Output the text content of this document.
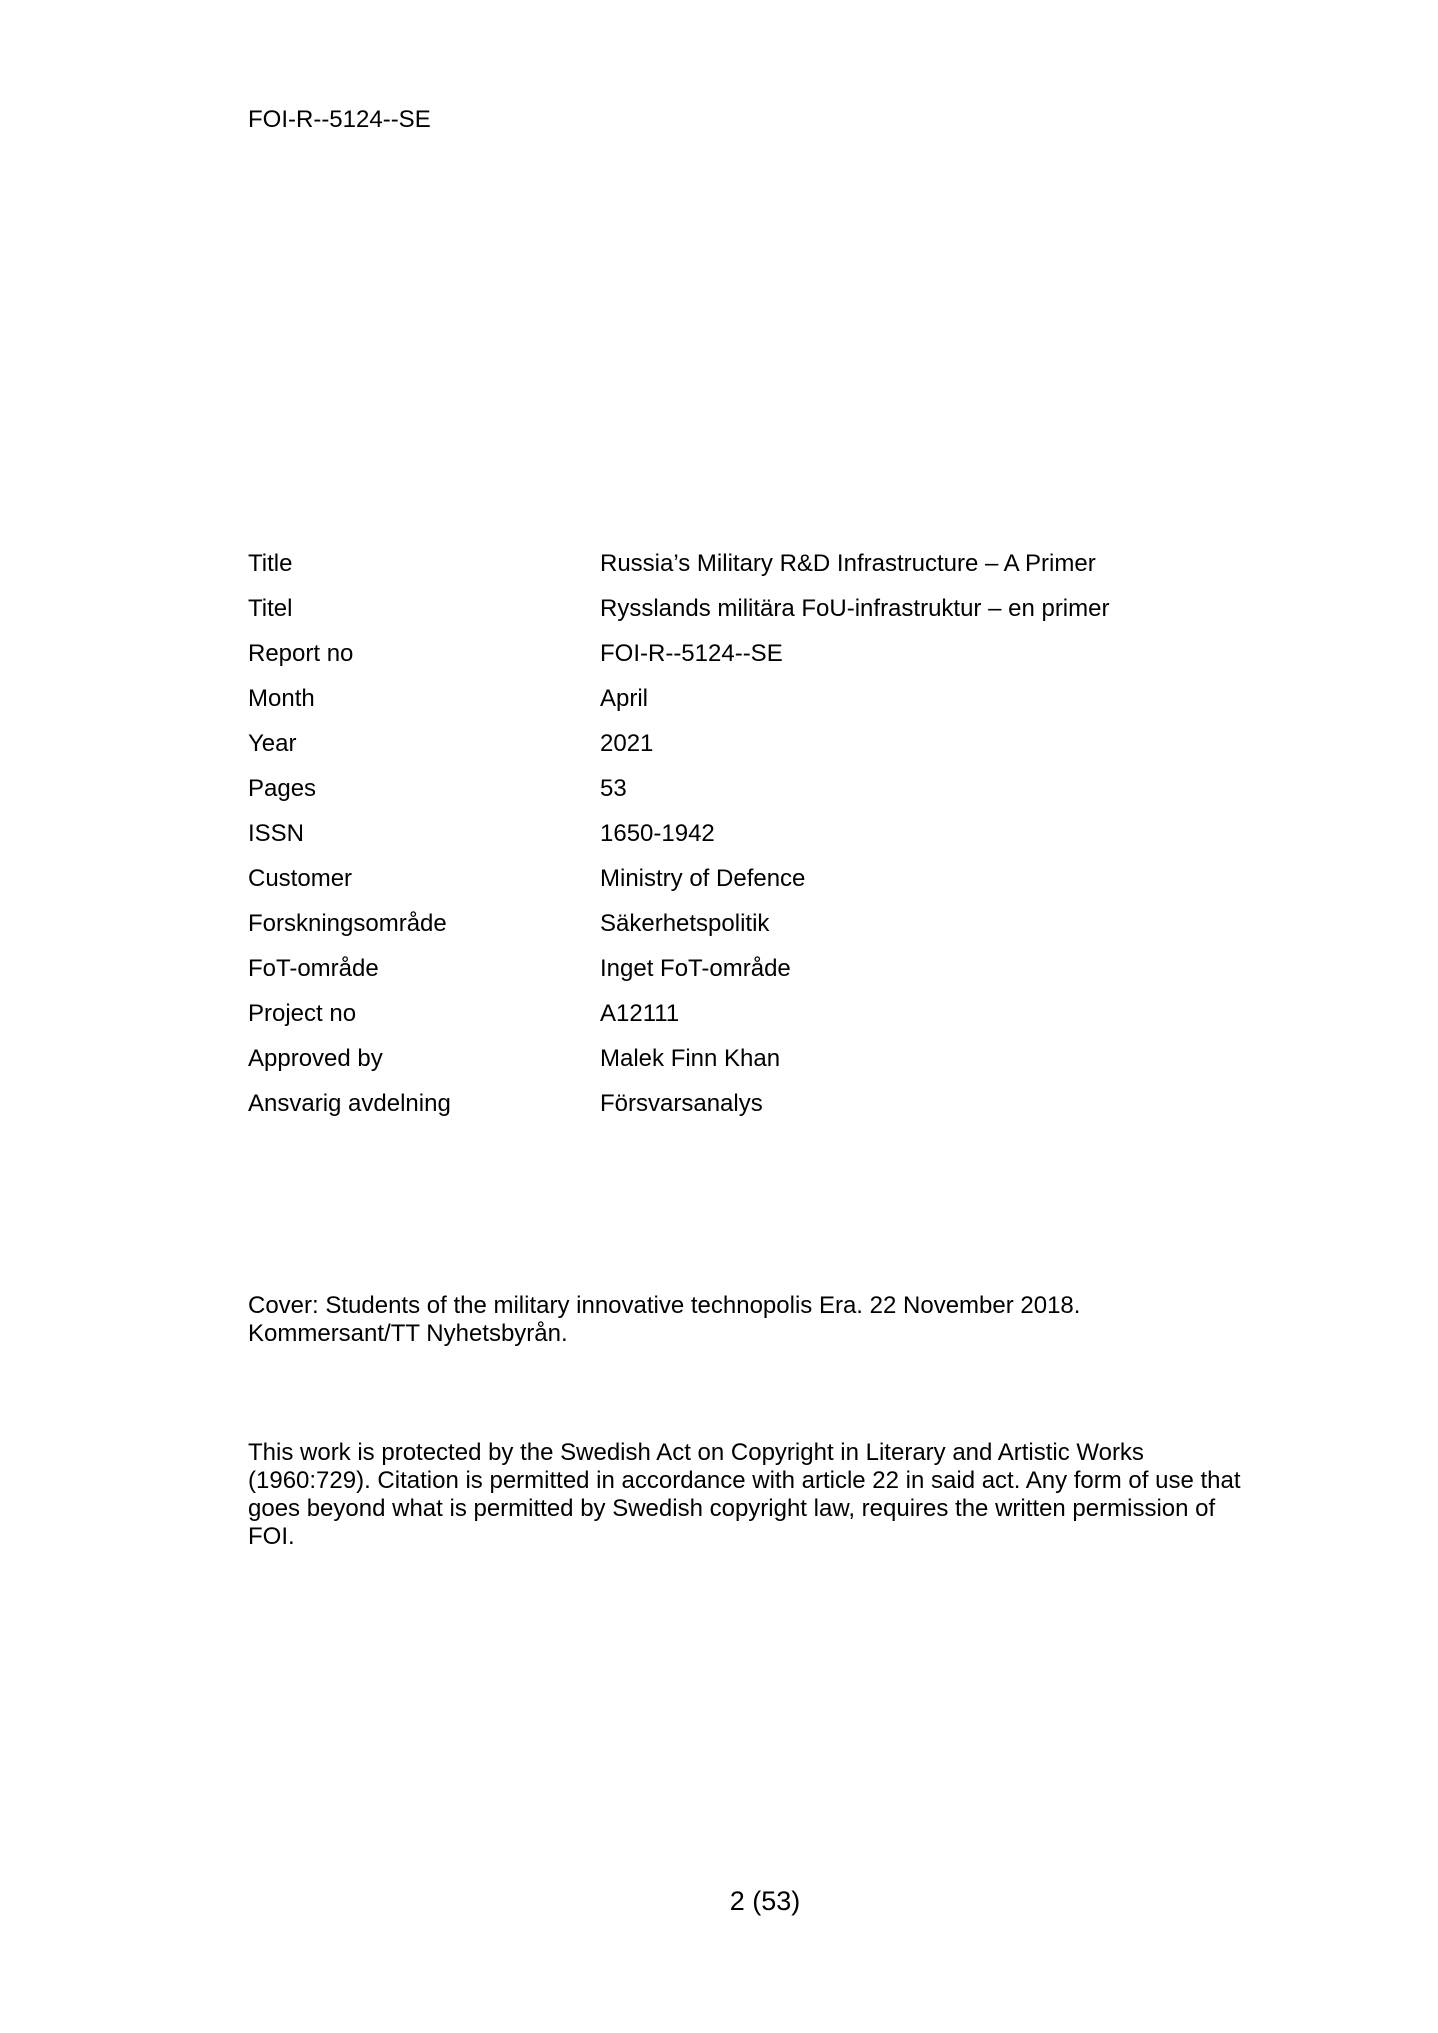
FOI-R--5124--SE

Title	Russia’s Military R&D Infrastructure – A Primer
Titel	Rysslands militära FoU-infrastruktur – en primer
Report no	FOI-R--5124--SE
Month	April
Year	2021
Pages	53
ISSN	1650-1942
Customer	Ministry of Defence
Forskningsområde	Säkerhetspolitik
FoT-område	Inget FoT-område
Project no	A12111
Approved by	Malek Finn Khan
Ansvarig avdelning	Försvarsanalys

Cover: Students of the military innovative technopolis Era. 22 November 2018.
Kommersant/TT Nyhetsbyrån.

This work is protected by the Swedish Act on Copyright in Literary and Artistic Works (1960:729). Citation is permitted in accordance with article 22 in said act. Any form of use that goes beyond what is permitted by Swedish copyright law, requires the written permission of FOI.

2 (53)
